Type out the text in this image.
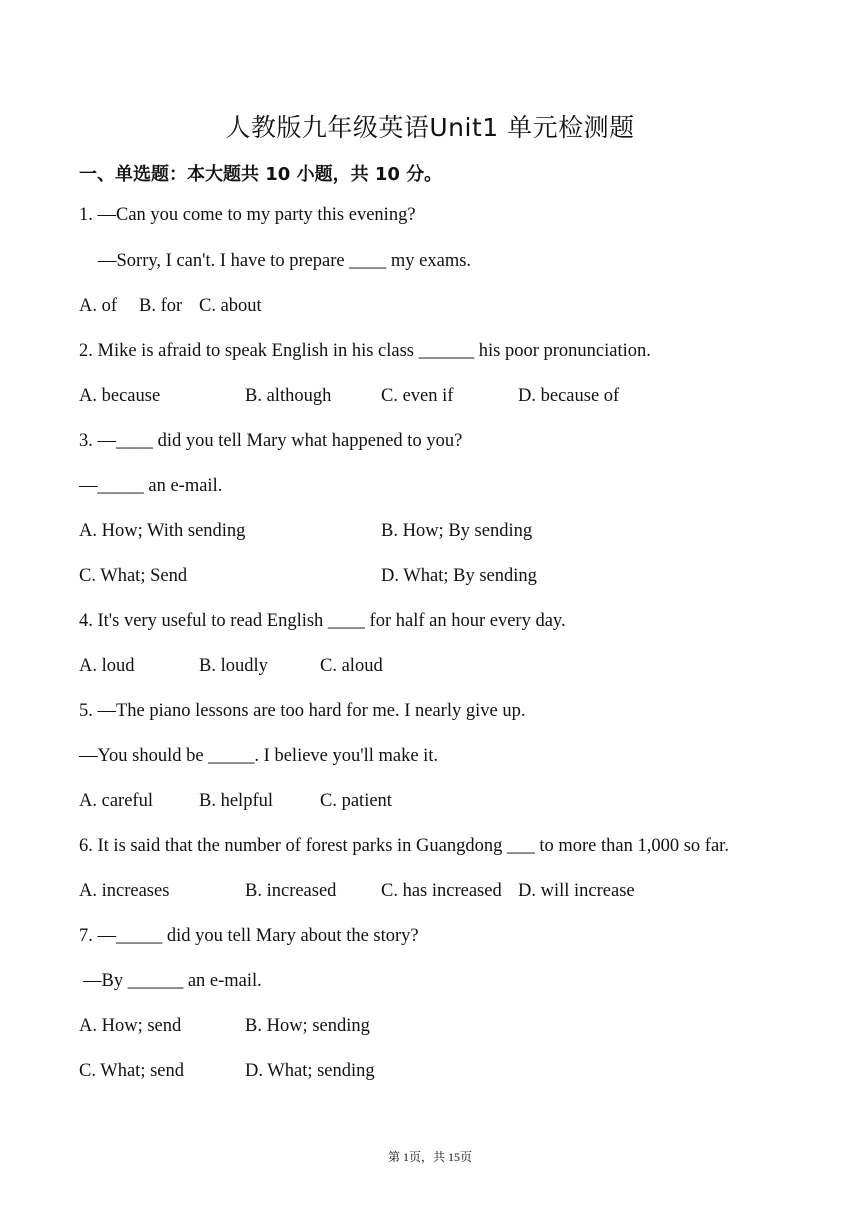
人教版九年级英语Unit1 单元检测题
一、单选题：本大题共 10 小题，共 10 分。
1. —Can you come to my party this evening?
—Sorry, I can't. I have to prepare ____ my exams.
A. of B. for C. about
2. Mike is afraid to speak English in his class ______ his poor pronunciation.
A. because	B. although	C. even if	D. because of
3. —____ did you tell Mary what happened to you?
—_____ an e-mail.
A. How; With sending	B. How; By sending
C. What; Send	D. What; By sending
4. It's very useful to read English ____ for half an hour every day.
A. loud	B. loudly	C. aloud
5. —The piano lessons are too hard for me. I nearly give up.
—You should be _____. I believe you'll make it.
A. careful B. helpful	C. patient
6. It is said that the number of forest parks in Guangdong ___ to more than 1,000 so far.
A. increases	B. increased C. has increased D. will increase
7. —_____ did you tell Mary about the story?
—By ______ an e-mail.
A. How; send	B. How; sending
C. What; send	D. What; sending
第 1页，共 15页
